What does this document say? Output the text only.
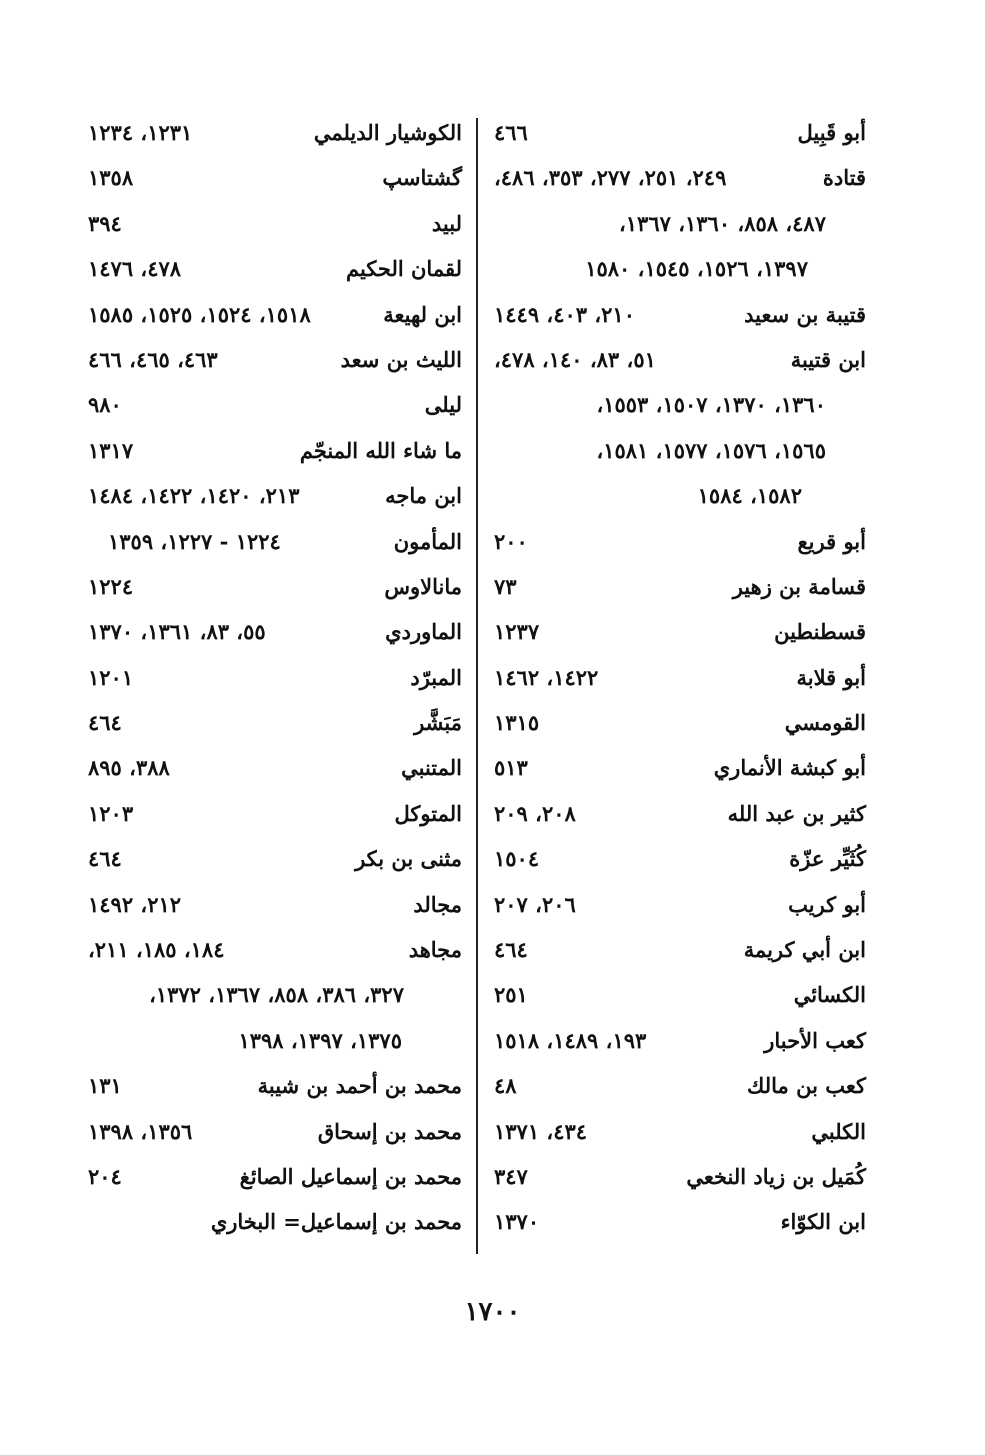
أبو قَبِيل
٤٦٦
قتادة
٢٤٩، ٢٥١، ٢٧٧، ٣٥٣، ٤٨٦،
٤٨٧، ٨٥٨، ١٣٦٠، ١٣٦٧،
١٣٩٧، ١٥٢٦، ١٥٤٥، ١٥٨٠
قتيبة بن سعيد
٢١٠، ٤٠٣، ١٤٤٩
ابن قتيبة
٥١، ٨٣، ١٤٠، ٤٧٨،
١٣٦٠، ١٣٧٠، ١٥٠٧، ١٥٥٣،
١٥٦٥، ١٥٧٦، ١٥٧٧، ١٥٨١،
١٥٨٢، ١٥٨٤
أبو قريع
٢٠٠
قسامة بن زهير
٧٣
قسطنطين
١٢٣٧
أبو قلابة
١٤٢٢، ١٤٦٢
القومسي
١٣١٥
أبو كبشة الأنماري
٥١٣
كثير بن عبد الله
٢٠٨، ٢٠٩
كُثَيِّر عزّة
١٥٠٤
أبو كريب
٢٠٦، ٢٠٧
ابن أبي كريمة
٤٦٤
الكسائي
٢٥١
كعب الأحبار
١٩٣، ١٤٨٩، ١٥١٨
كعب بن مالك
٤٨
الكلبي
٤٣٤، ١٣٧١
كُمَيل بن زياد النخعي
٣٤٧
ابن الكوّاء
١٣٧٠
الكوشيار الديلمي
١٢٣١، ١٢٣٤
گشتاسپ
١٣٥٨
لبيد
٣٩٤
لقمان الحكيم
٤٧٨، ١٤٧٦
ابن لهيعة
١٥١٨، ١٥٢٤، ١٥٢٥، ١٥٨٥
الليث بن سعد
٤٦٣، ٤٦٥، ٤٦٦
ليلى
٩٨٠
ما شاء الله المنجّم
١٣١٧
ابن ماجه
٢١٣، ١٤٢٠، ١٤٢٢، ١٤٨٤
المأمون
١٢٢٤ - ١٢٢٧، ١٣٥٩
مانالاوس
١٢٢٤
الماوردي
٥٥، ٨٣، ١٣٦١، ١٣٧٠
المبرّد
١٢٠١
مَبَشَّر
٤٦٤
المتنبي
٣٨٨، ٨٩٥
المتوكل
١٢٠٣
مثنى بن بكر
٤٦٤
مجالد
٢١٢، ١٤٩٢
مجاهد
١٨٤، ١٨٥، ٢١١،
٣٢٧، ٣٨٦، ٨٥٨، ١٣٦٧، ١٣٧٢،
١٣٧٥، ١٣٩٧، ١٣٩٨
محمد بن أحمد بن شيبة
١٣١
محمد بن إسحاق
١٣٥٦، ١٣٩٨
محمد بن إسماعيل الصائغ
٢٠٤
محمد بن إسماعيل= البخاري
١٧٠٠
